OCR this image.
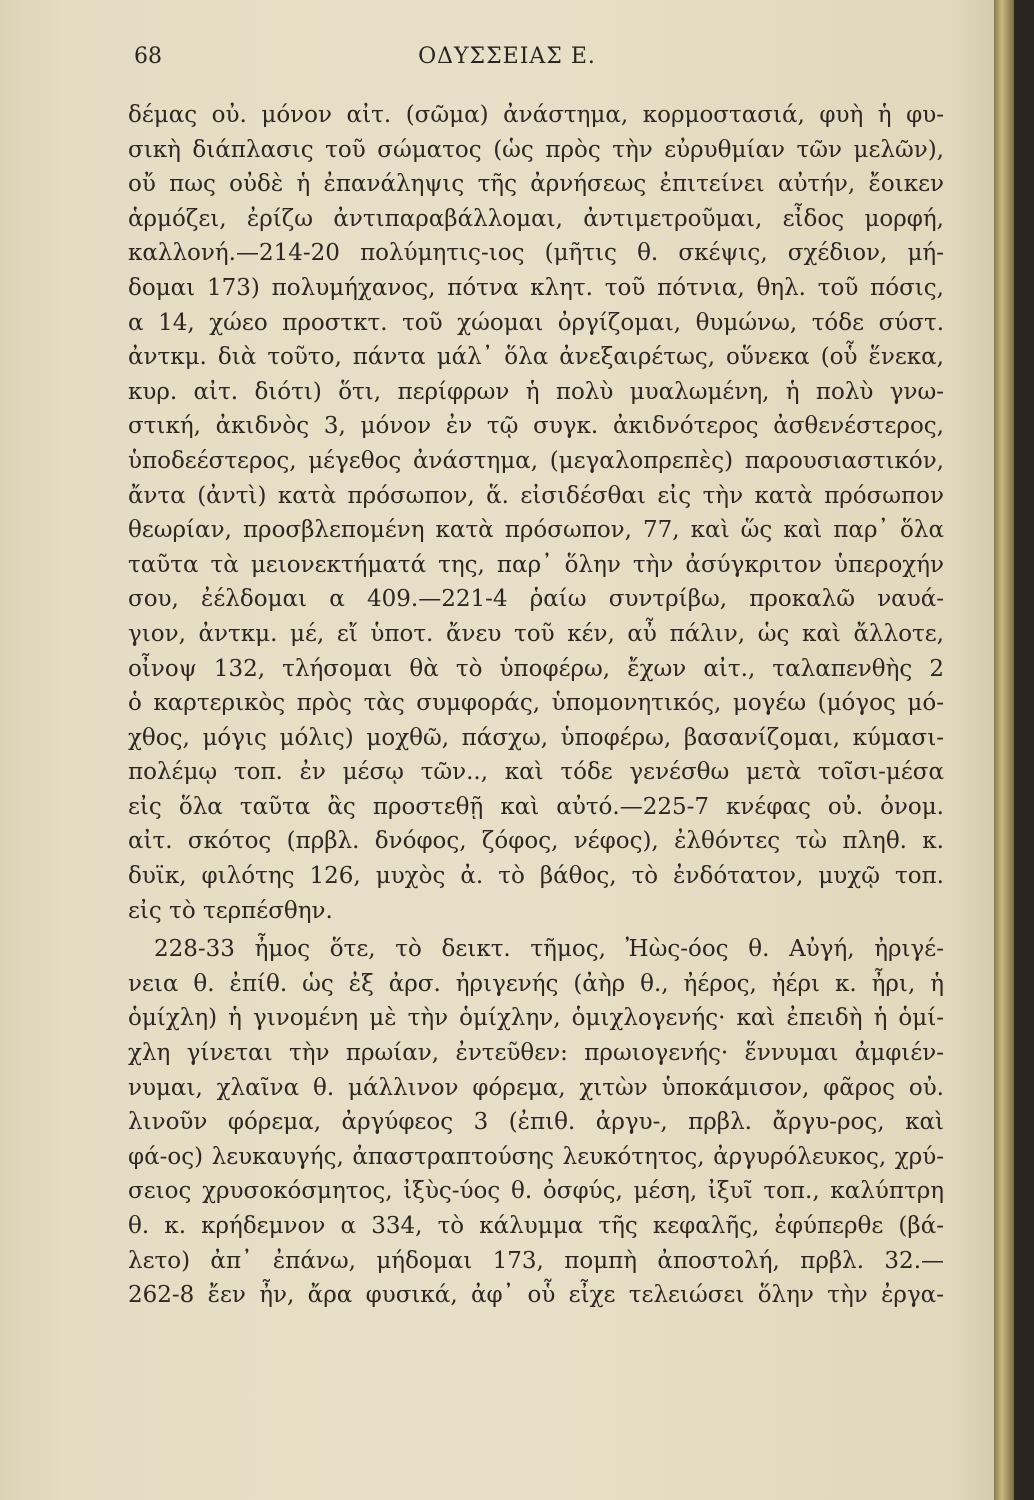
68	ΟΔΥΣΣΕΙΑΣ Ε.
δέμας οὐ. μόνον αἰτ. (σῶμα) ἀνάστημα, κορμοστασιά, φυὴ ἡ φυ-
σικὴ διάπλασις τοῦ σώματος (ὡς πρὸς τὴν εὐρυθμίαν τῶν μελῶν),
οὔ πως οὐδὲ ἡ ἐπανάληψις τῆς ἀρνήσεως ἐπιτείνει αὐτήν, ἔοικεν
ἁρμόζει, ἐρίζω ἀντιπαραβάλλομαι, ἀντιμετροῦμαι, εἶδος μορφή,
καλλονή.—214-20 πολύμητις-ιος (μῆτις θ. σκέψις, σχέδιον, μή-
δομαι 173) πολυμήχανος, πότνα κλητ. τοῦ πότνια, θηλ. τοῦ πόσις,
α 14, χώεο προστκτ. τοῦ χώομαι ὀργίζομαι, θυμώνω, τόδε σύστ.
ἀντκμ. διὰ τοῦτο, πάντα μάλ᾽ ὅλα ἀνεξαιρέτως, οὕνεκα (οὗ ἕνεκα,
κυρ. αἰτ. διότι) ὅτι, περίφρων ἡ πολὺ μυαλωμένη, ἡ πολὺ γνω-
στική, ἀκιδνὸς 3, μόνον ἐν τῷ συγκ. ἀκιδνότερος ἀσθενέστερος,
ὑποδεέστερος, μέγεθος ἀνάστημα, (μεγαλοπρεπὲς) παρουσιαστικόν,
ἄντα (ἀντὶ) κατὰ πρόσωπον, ἅ. εἰσιδέσθαι εἰς τὴν κατὰ πρόσωπον
θεωρίαν, προσβλεπομένη κατὰ πρόσωπον, 77, καὶ ὥς καὶ παρ᾽ ὅλα
ταῦτα τὰ μειονεκτήματά της, παρ᾽ ὅλην τὴν ἀσύγκριτον ὑπεροχήν
σου, ἐέλδομαι α 409.—221-4 ῥαίω συντρίβω, προκαλῶ ναυά-
γιον, ἀντκμ. μέ, εἴ ὑποτ. ἄνευ τοῦ κέν, αὖ πάλιν, ὡς καὶ ἄλλοτε,
οἶνοψ 132, τλήσομαι θὰ τὸ ὑποφέρω, ἔχων αἰτ., ταλαπενθὴς 2
ὁ καρτερικὸς πρὸς τὰς συμφοράς, ὑπομονητικός, μογέω (μόγος μό-
χθος, μόγις μόλις) μοχθῶ, πάσχω, ὑποφέρω, βασανίζομαι, κύμασι-
πολέμῳ τοπ. ἐν μέσῳ τῶν.., καὶ τόδε γενέσθω μετὰ τοῖσι-μέσα
εἰς ὅλα ταῦτα ἂς προστεθῇ καὶ αὐτό.—225-7 κνέφας οὐ. ὀνομ.
αἰτ. σκότος (πρβλ. δνόφος, ζόφος, νέφος), ἐλθόντες τὼ πληθ. κ.
δυϊκ, φιλότης 126, μυχὸς ἀ. τὸ βάθος, τὸ ἐνδότατον, μυχῷ τοπ.
εἰς τὸ τερπέσθην.
228-33 ἦμος ὅτε, τὸ δεικτ. τῆμος, Ἠὼς-όος θ. Αὐγή, ἠριγέ-
νεια θ. ἐπίθ. ὡς ἐξ ἀρσ. ἠριγενής (ἀὴρ θ., ἠέρος, ἠέρι κ. ἦρι, ἡ
ὁμίχλη) ἡ γινομένη μὲ τὴν ὁμίχλην, ὁμιχλογενής· καὶ ἐπειδὴ ἡ ὁμί-
χλη γίνεται τὴν πρωίαν, ἐντεῦθεν: πρωιογενής· ἕννυμαι ἀμφιέν-
νυμαι, χλαῖνα θ. μάλλινον φόρεμα, χιτὼν ὑποκάμισον, φᾶρος οὐ.
λινοῦν φόρεμα, ἀργύφεος 3 (ἐπιθ. ἀργυ-, πρβλ. ἄργυ-ρος, καὶ
φά-ος) λευκαυγής, ἀπαστραπτούσης λευκότητος, ἀργυρόλευκος, χρύ-
σειος χρυσοκόσμητος, ἰξὺς-ύος θ. ὀσφύς, μέση, ἰξυῖ τοπ., καλύπτρη
θ. κ. κρήδεμνον α 334, τὸ κάλυμμα τῆς κεφαλῆς, ἐφύπερθε (βά-
λετο) ἀπ᾽ ἐπάνω, μήδομαι 173, πομπὴ ἀποστολή, πρβλ. 32.—
262-8 ἔεν ἦν, ἄρα φυσικά, ἀφ᾽ οὗ εἶχε τελειώσει ὅλην τὴν ἐργα-
